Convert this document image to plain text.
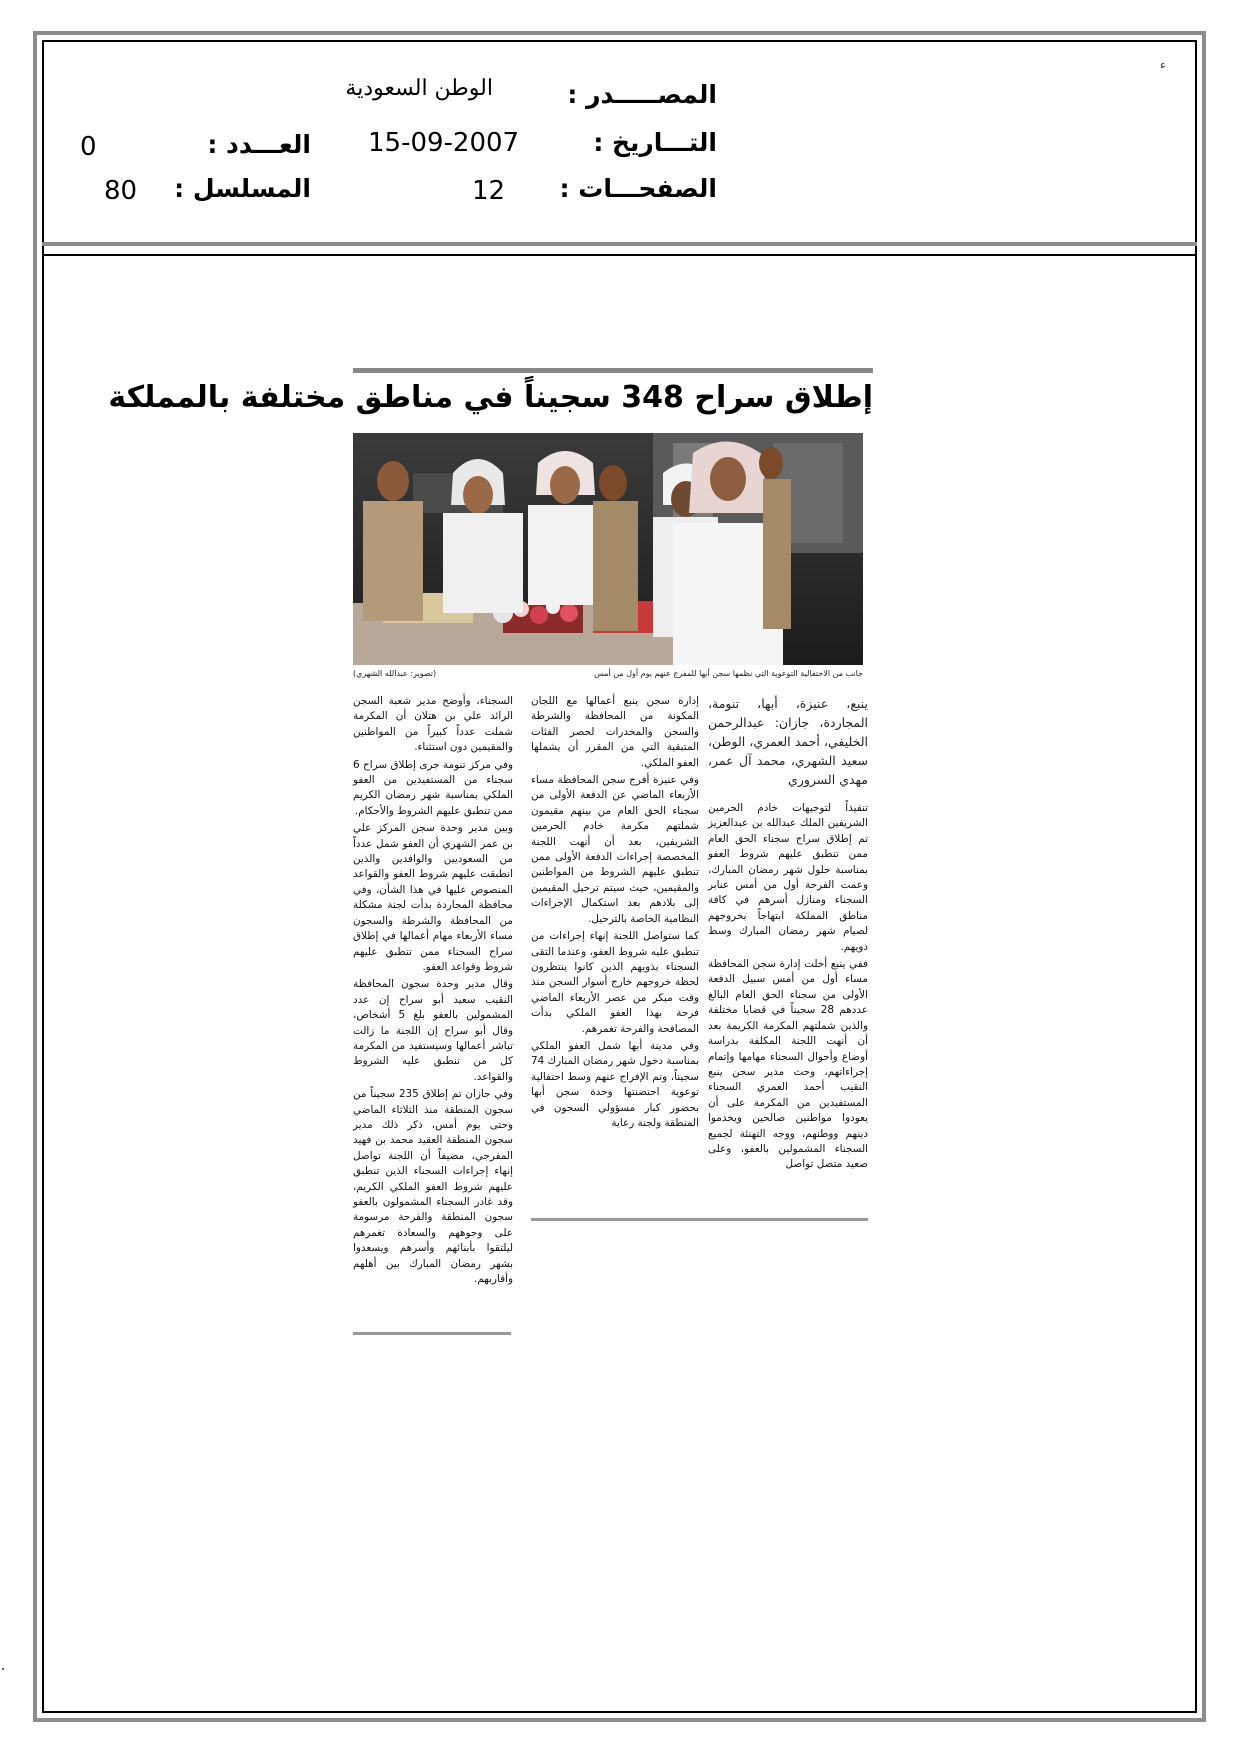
ء
المصـــــدر :
الوطن السعودية
التـــاريخ :
15-09-2007
الصفحـــات :
12
العـــدد :
0
المسلسل :
80
إطلاق سراح 348 سجيناً في مناطق مختلفة بالمملكة
جانب من الاحتفالية التوعوية التي نظمها سجن أبها للمفرج عنهم يوم أول من أمس
(تصوير: عبدالله الشهري)

ينبع، عنيزة، أبها، تنومة، المجاردة، جازان: عبدالرحمن الخليفي، أحمد العمري، الوطن، سعيد الشهري، محمد آل عمر، مهدي السروري

تنفيذاً لتوجيهات خادم الحرمين الشريفين الملك عبدالله بن عبدالعزيز تم إطلاق سراح سجناء الحق العام ممن تنطبق عليهم شروط العفو بمناسبة حلول شهر رمضان المبارك، وعمت الفرحة أول من أمس عنابر السجناء ومنازل أسرهم في كافة مناطق المملكة ابتهاجاً بخروجهم لصيام شهر رمضان المبارك وسط ذويهم.

ففي ينبع أخلت إدارة سجن المحافظة مساء أول من أمس سبيل الدفعة الأولى من سجناء الحق العام البالغ عددهم 28 سجيناً في قضايا مختلفة والذين شملتهم المكرمة الكريمة بعد أن أنهت اللجنة المكلفة بدراسة أوضاع وأحوال السجناء مهامها وإتمام إجراءاتهم، وحث مدير سجن ينبع النقيب أحمد العمري السجناء المستفيدين من المكرمة على أن يعودوا مواطنين صالحين ويخدموا دينهم ووطنهم، ووجه التهنئة لجميع السجناء المشمولين بالعفو، وعلى صعيد متصل تواصل

إدارة سجن ينبع أعمالها مع اللجان المكونة من المحافظة والشرطة والسجن والمخدرات لحصر الفئات المتبقية التي من المقرر أن يشملها العفو الملكي.

وفي عنيزة أفرج سجن المحافظة مساء الأربعاء الماضي عن الدفعة الأولى من سجناء الحق العام من بينهم مقيمون شملتهم مكرمة خادم الحرمين الشريفين، بعد أن أنهت اللجنة المخصصة إجراءات الدفعة الأولى ممن تنطبق عليهم الشروط من المواطنين والمقيمين، حيث سيتم ترحيل المقيمين إلى بلادهم بعد استكمال الإجراءات النظامية الخاصة بالترحيل.

كما ستواصل اللجنة إنهاء إجراءات من تنطبق عليه شروط العفو، وعندما التقى السجناء بذويهم الذين كانوا ينتظرون لحظة خروجهم خارج أسوار السجن منذ وقت مبكر من عصر الأربعاء الماضي فرحة بهذا العفو الملكي بدأت المصافحة والفرحة تغمرهم.

وفي مدينة أبها شمل العفو الملكي بمناسبة دخول شهر رمضان المبارك 74 سجيناً، وتم الإفراج عنهم وسط احتفالية توعوية احتضنتها وحدة سجن أبها بحضور كبار مسؤولي السجون في المنطقة ولجنة رعاية

السجناء، وأوضح مدير شعبة السجن الرائد علي بن هتلان أن المكرمة شملت عدداً كبيراً من المواطنين والمقيمين دون استثناء.

وفي مركز تنومة جرى إطلاق سراح 6 سجناء من المستفيدين من العفو الملكي بمناسبة شهر رمضان الكريم ممن تنطبق عليهم الشروط والأحكام.

وبين مدير وحدة سجن المركز علي بن عمر الشهري أن العفو شمل عدداً من السعوديين والوافدين والذين انطبقت عليهم شروط العفو والقواعد المنصوص عليها في هذا الشأن، وفي محافظة المجاردة بدأت لجنة مشكلة من المحافظة والشرطة والسجون مساء الأربعاء مهام أعمالها في إطلاق سراح السجناء ممن تنطبق عليهم شروط وقواعد العفو.

وقال مدير وحدة سجون المحافظة النقيب سعيد أبو سراح إن عدد المشمولين بالعفو بلغ 5 أشخاص، وقال أبو سراح إن اللجنة ما زالت تباشر أعمالها وسيستفيد من المكرمة كل من تنطبق عليه الشروط والقواعد.

وفي جازان تم إطلاق 235 سجيناً من سجون المنطقة منذ الثلاثاء الماضي وحتى يوم أمس، ذكر ذلك مدير سجون المنطقة العقيد محمد بن فهيد المفرجي، مضيفاً أن اللجنة تواصل إنهاء إجراءات السجناء الذين تنطبق عليهم شروط العفو الملكي الكريم، وقد غادر السجناء المشمولون بالعفو سجون المنطقة والفرحة مرسومة على وجوههم والسعادة تغمرهم ليلتقوا بأبنائهم وأسرهم ويسعدوا بشهر رمضان المبارك بين أهلهم وأقاربهم.
